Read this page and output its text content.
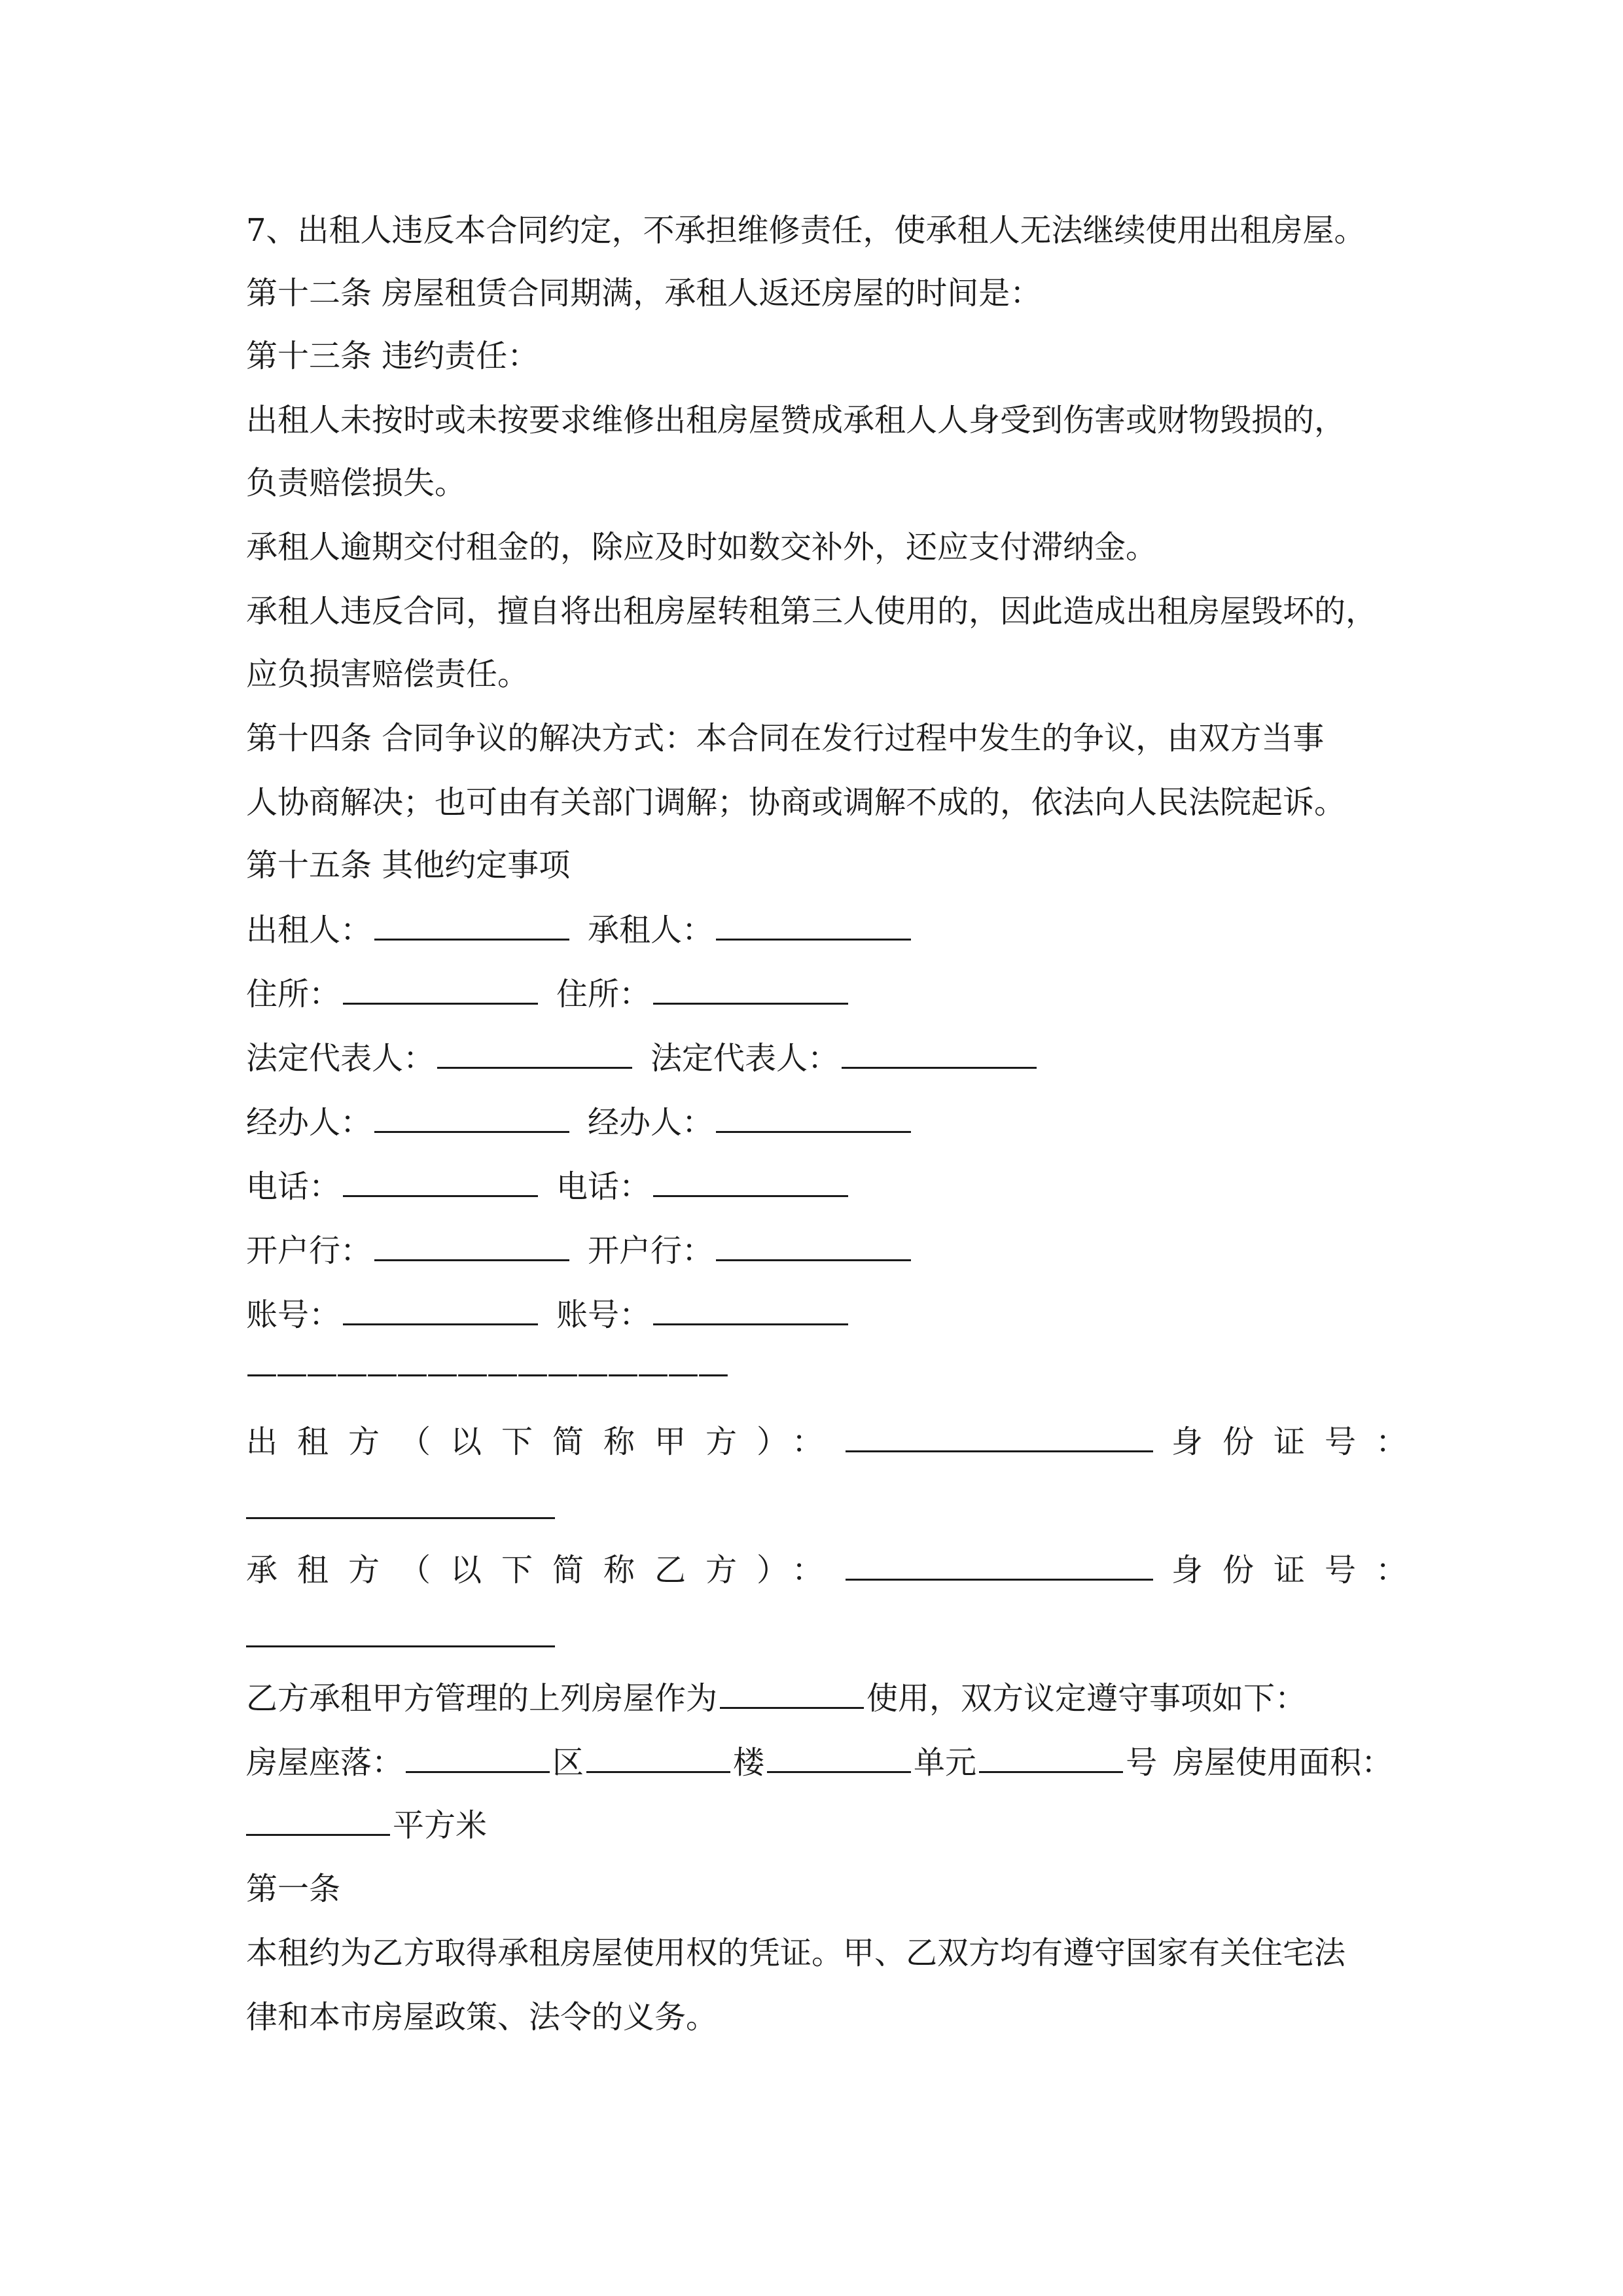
7、出租人违反本合同约定，不承担维修责任，使承租人无法继续使用出租房屋。
第十二条 房屋租赁合同期满，承租人返还房屋的时间是：
第十三条 违约责任：
出租人未按时或未按要求维修出租房屋赞成承租人人身受到伤害或财物毁损的，
负责赔偿损失。
承租人逾期交付租金的，除应及时如数交补外，还应支付滞纳金。
承租人违反合同，擅自将出租房屋转租第三人使用的，因此造成出租房屋毁坏的，
应负损害赔偿责任。
第十四条 合同争议的解决方式：本合同在发行过程中发生的争议，由双方当事
人协商解决；也可由有关部门调解；协商或调解不成的，依法向人民法院起诉。
第十五条 其他约定事项
出租人：	承租人：
住所：	住所：
法定代表人：	法定代表人：
经办人：	经办人：
电话：	电话：
开户行：	开户行：
账号：	账号：
————————————————
出租方（以下简称甲方）：	身份证号：
承租方（以下简称乙方）：	身份证号：
乙方承租甲方管理的上列房屋作为	使用，双方议定遵守事项如下：
房屋座落：	区	楼	单元	号 房屋使用面积：
平方米
第一条
本租约为乙方取得承租房屋使用权的凭证。甲、乙双方均有遵守国家有关住宅法
律和本市房屋政策、法令的义务。
